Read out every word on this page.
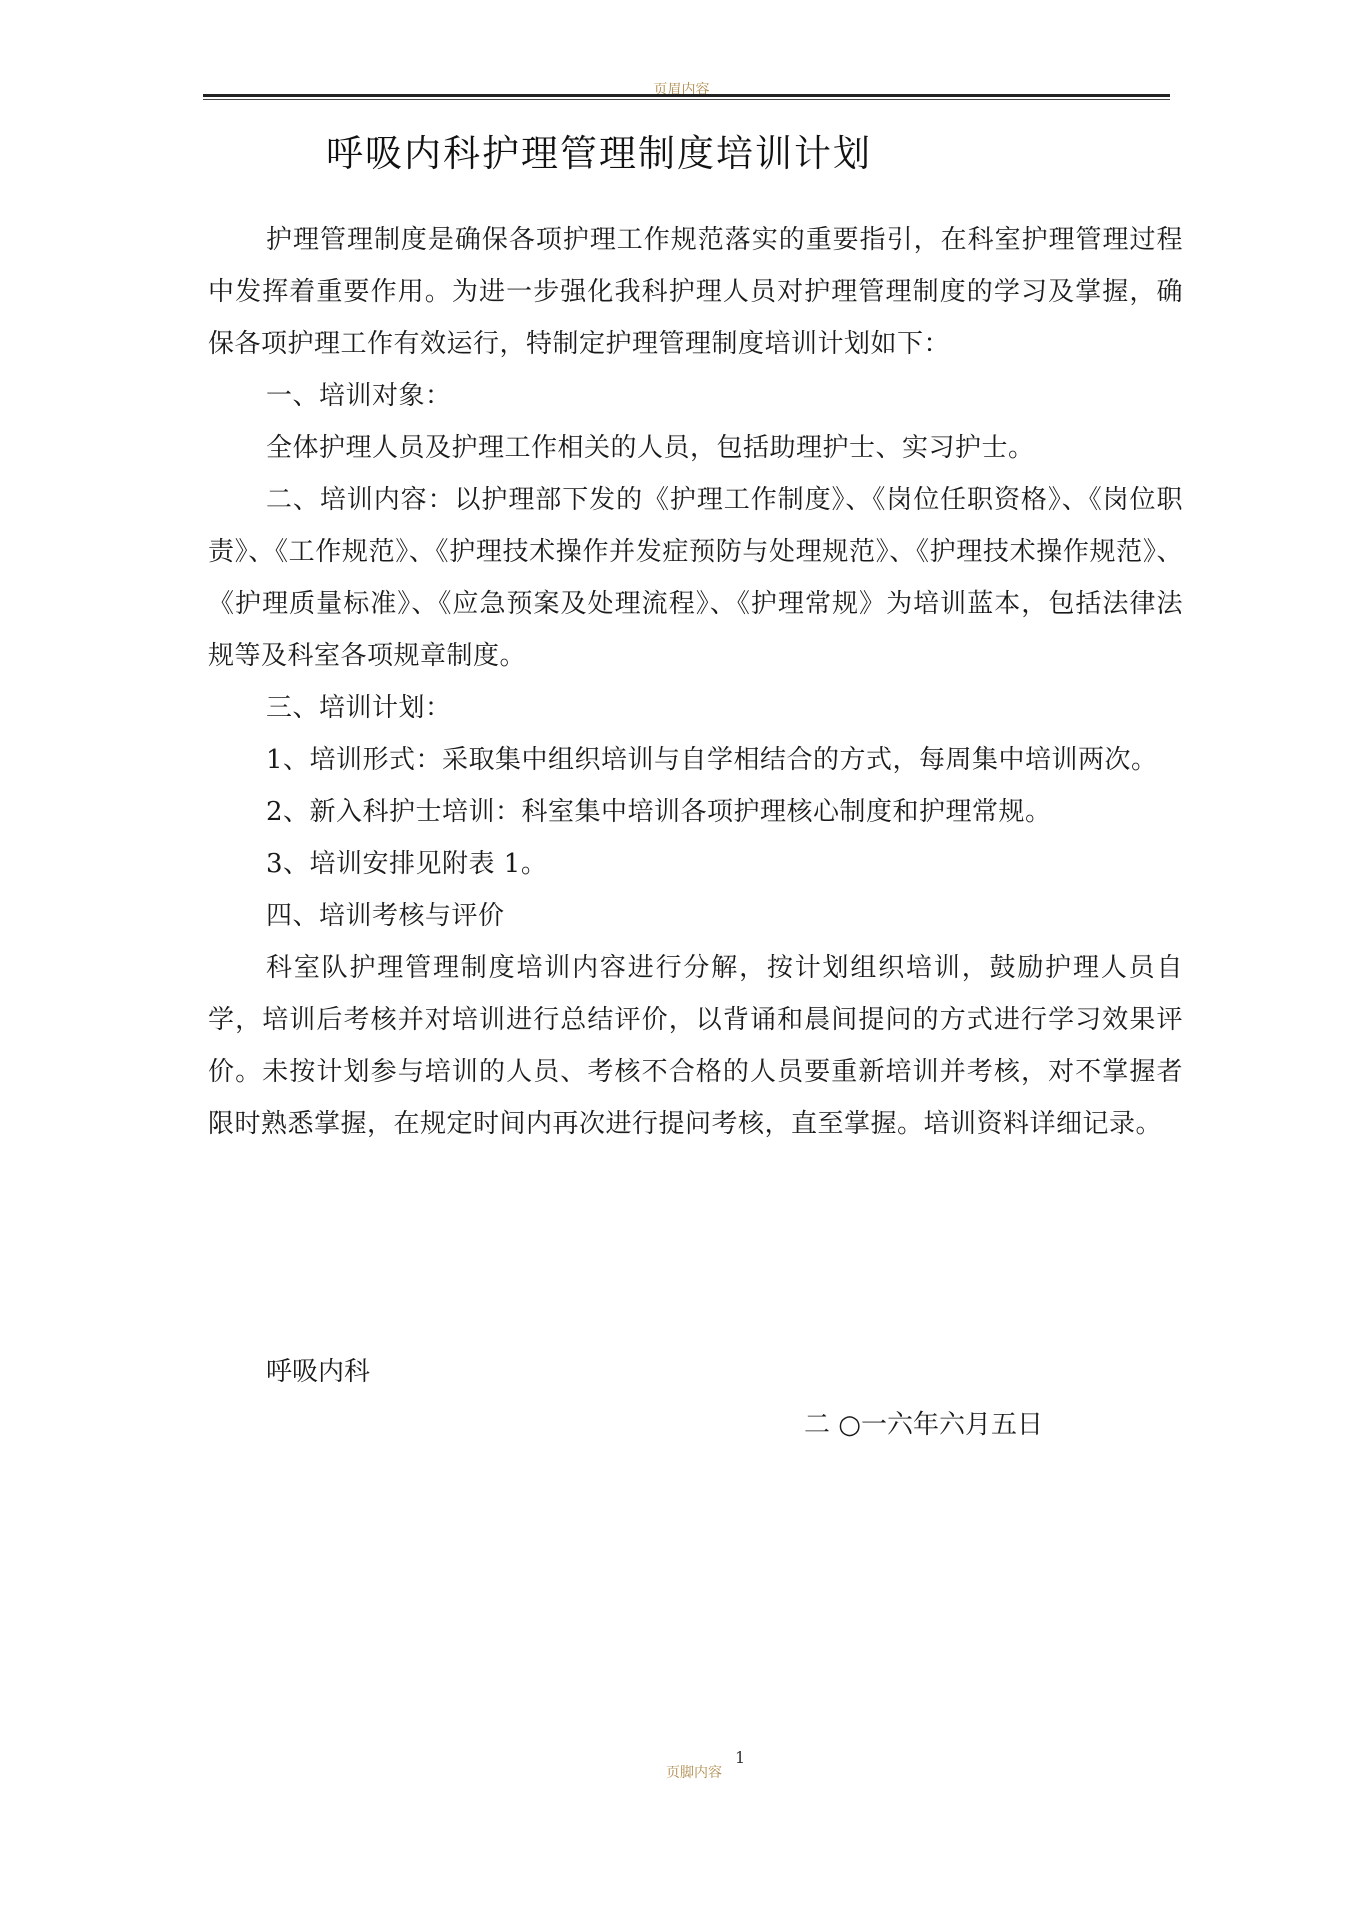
页眉内容
呼吸内科护理管理制度培训计划

护理管理制度是确保各项护理工作规范落实的重要指引，在科室护理管理过程中发挥着重要作用。为进一步强化我科护理人员对护理管理制度的学习及掌握，确保各项护理工作有效运行，特制定护理管理制度培训计划如下：

一、培训对象：

全体护理人员及护理工作相关的人员，包括助理护士、实习护士。

二、培训内容：以护理部下发的《护理工作制度》、《岗位任职资格》、《岗位职责》、《工作规范》、《护理技术操作并发症预防与处理规范》、《护理技术操作规范》、《护理质量标准》、《应急预案及处理流程》、《护理常规》为培训蓝本，包括法律法规等及科室各项规章制度。

三、培训计划：

1、培训形式：采取集中组织培训与自学相结合的方式，每周集中培训两次。

2、新入科护士培训：科室集中培训各项护理核心制度和护理常规。

3、培训安排见附表 1。

四、培训考核与评价

科室队护理管理制度培训内容进行分解，按计划组织培训，鼓励护理人员自学，培训后考核并对培训进行总结评价，以背诵和晨间提问的方式进行学习效果评价。未按计划参与培训的人员、考核不合格的人员要重新培训并考核，对不掌握者限时熟悉掌握，在规定时间内再次进行提问考核，直至掌握。培训资料详细记录。

呼吸内科
二 ○一六年六月五日
页脚内容
1
